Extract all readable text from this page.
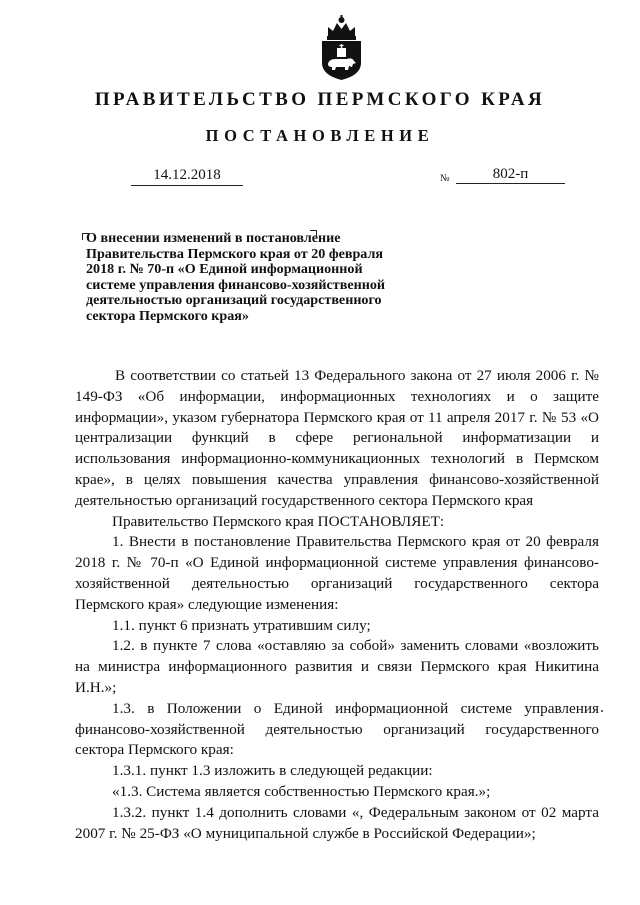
ПРАВИТЕЛЬСТВО ПЕРМСКОГО КРАЯ
ПОСТАНОВЛЕНИЕ
14.12.2018	№	802-п
О внесении изменений в постановление
Правительства Пермского края от 20 февраля
2018 г. № 70-п «О Единой информационной
системе управления финансово-хозяйственной
деятельностью организаций государственного
сектора Пермского края»

В соответствии со статьей 13 Федерального закона от 27 июля 2006 г. № 149-ФЗ «Об информации, информационных технологиях и о защите информации», указом губернатора Пермского края от 11 апреля 2017 г. № 53 «О централизации функций в сфере региональной информатизации и использования информационно-коммуникационных технологий в Пермском крае», в целях повышения качества управления финансово-хозяйственной деятельностью организаций государственного сектора Пермского края

Правительство Пермского края ПОСТАНОВЛЯЕТ:

1. Внести в постановление Правительства Пермского края от 20 февраля 2018 г. № 70-п «О Единой информационной системе управления финансово-хозяйственной деятельностью организаций государственного сектора Пермского края» следующие изменения:

1.1. пункт 6 признать утратившим силу;

1.2. в пункте 7 слова «оставляю за собой» заменить словами «возложить на министра информационного развития и связи Пермского края Никитина И.Н.»;

1.3. в Положении о Единой информационной системе управления финансово-хозяйственной деятельностью организаций государственного сектора Пермского края:

1.3.1. пункт 1.3 изложить в следующей редакции:

«1.3. Система является собственностью Пермского края.»;

1.3.2. пункт 1.4 дополнить словами «, Федеральным законом от 02 марта 2007 г. № 25-ФЗ «О муниципальной службе в Российской Федерации»;
